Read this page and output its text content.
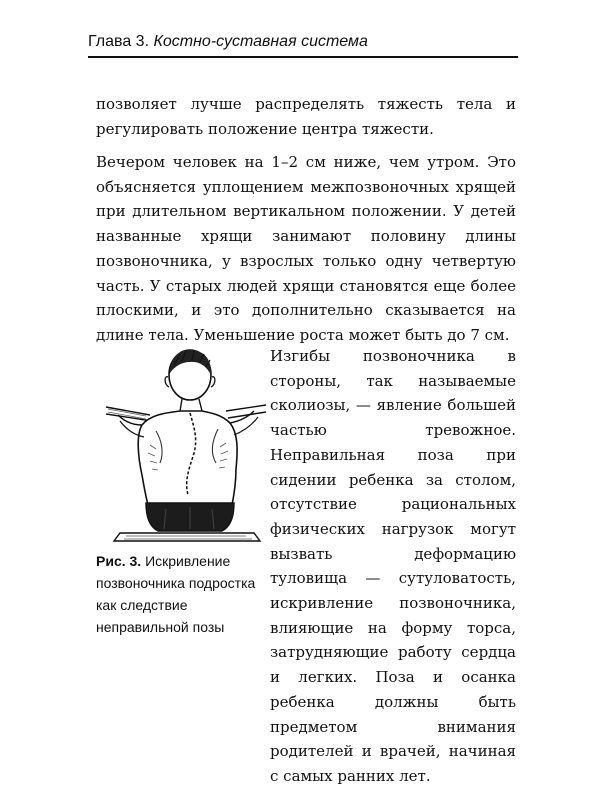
Глава 3. Костно-суставная система

позволяет лучше распределять тяжесть тела и регулировать положение центра тяжести.

Вечером человек на 1–2 см ниже, чем утром. Это объясняется уплощением межпозвоночных хрящей при длительном вертикальном положении. У детей названные хрящи занимают половину длины позвоночника, у взрослых только одну четвертую часть. У старых людей хрящи становятся еще более плоскими, и это дополнительно сказывается на длине тела. Уменьшение роста может быть до 7 см.

Рис. 3. Искривление позвоночника подростка как следствие неправильной позы

Изгибы позвоночника в стороны, так называемые сколиозы, — явление большей частью тревожное. Неправильная поза при сидении ребенка за столом, отсутствие рациональных физических нагрузок могут вызвать деформацию туловища — сутуловатость, искривление позвоночника, влияющие на форму торса, затрудняющие работу сердца и легких. Поза и осанка ребенка должны быть предметом внимания родителей и врачей, начиная с самых ранних лет.
